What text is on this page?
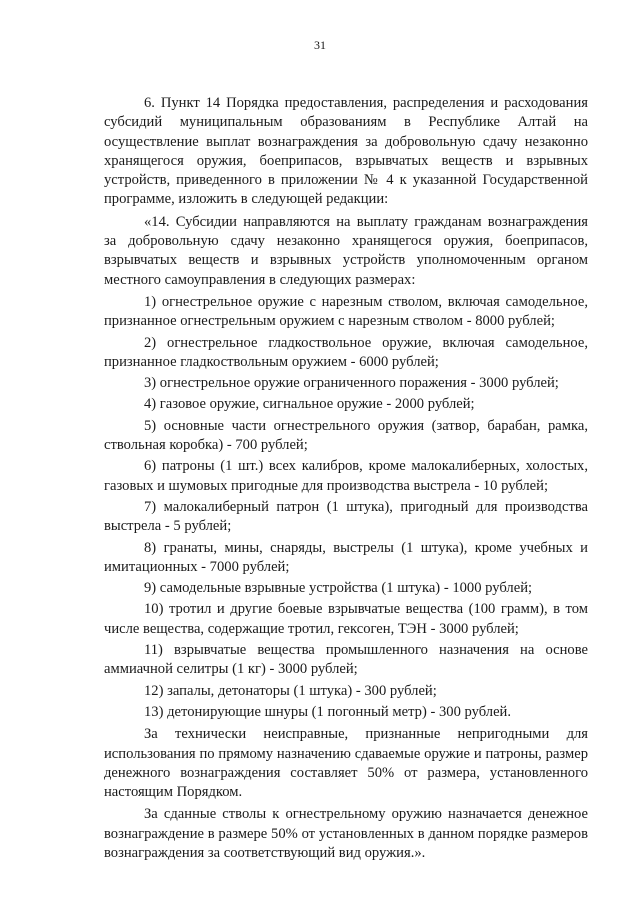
31

6. Пункт 14 Порядка предоставления, распределения и расходования субсидий муниципальным образованиям в Республике Алтай на осуществление выплат вознаграждения за добровольную сдачу незаконно хранящегося оружия, боеприпасов, взрывчатых веществ и взрывных устройств, приведенного в приложении № 4 к указанной Государственной программе, изложить в следующей редакции:

«14. Субсидии направляются на выплату гражданам вознаграждения за добровольную сдачу незаконно хранящегося оружия, боеприпасов, взрывчатых веществ и взрывных устройств уполномоченным органом местного самоуправления в следующих размерах:

1) огнестрельное оружие с нарезным стволом, включая самодельное, признанное огнестрельным оружием с нарезным стволом - 8000 рублей;

2) огнестрельное гладкоствольное оружие, включая самодельное, признанное гладкоствольным оружием - 6000 рублей;

3) огнестрельное оружие ограниченного поражения - 3000 рублей;

4) газовое оружие, сигнальное оружие - 2000 рублей;

5) основные части огнестрельного оружия (затвор, барабан, рамка, ствольная коробка) - 700 рублей;

6) патроны (1 шт.) всех калибров, кроме малокалиберных, холостых, газовых и шумовых пригодные для производства выстрела - 10 рублей;

7) малокалиберный патрон (1 штука), пригодный для производства выстрела - 5 рублей;

8) гранаты, мины, снаряды, выстрелы (1 штука), кроме учебных и имитационных - 7000 рублей;

9) самодельные взрывные устройства (1 штука) - 1000 рублей;

10) тротил и другие боевые взрывчатые вещества (100 грамм), в том числе вещества, содержащие тротил, гексоген, ТЭН - 3000 рублей;

11) взрывчатые вещества промышленного назначения на основе аммиачной селитры (1 кг) - 3000 рублей;

12) запалы, детонаторы (1 штука) - 300 рублей;

13) детонирующие шнуры (1 погонный метр) - 300 рублей.

За технически неисправные, признанные непригодными для использования по прямому назначению сдаваемые оружие и патроны, размер денежного вознаграждения составляет 50% от размера, установленного настоящим Порядком.

За сданные стволы к огнестрельному оружию назначается денежное вознаграждение в размере 50% от установленных в данном порядке размеров вознаграждения за соответствующий вид оружия.».
